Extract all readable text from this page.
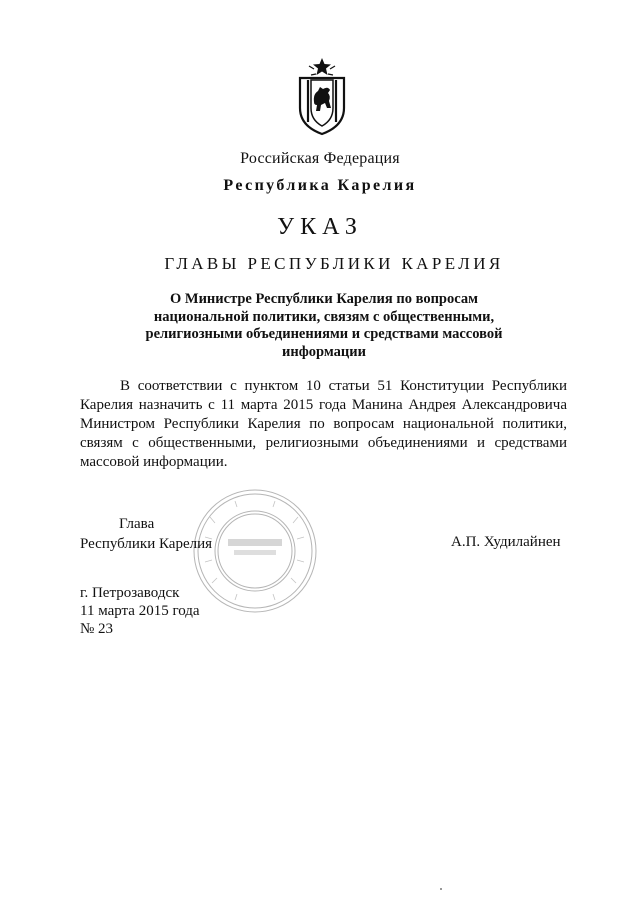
Российская Федерация
Республика Карелия
УКАЗ
ГЛАВЫ РЕСПУБЛИКИ КАРЕЛИЯ
О Министре Республики Карелия по вопросам национальной политики, связям с общественными, религиозными объединениями и средствами массовой информации
В соответствии с пунктом 10 статьи 51 Конституции Республики Карелия назначить с 11 марта 2015 года Манина Андрея Александровича Министром Республики Карелия по вопросам национальной политики, связям с общественными, религиозными объединениями и средствами массовой информации.
Глава
Республики Карелия	А.П. Худилайнен
г. Петрозаводск
11 марта 2015 года
№ 23
